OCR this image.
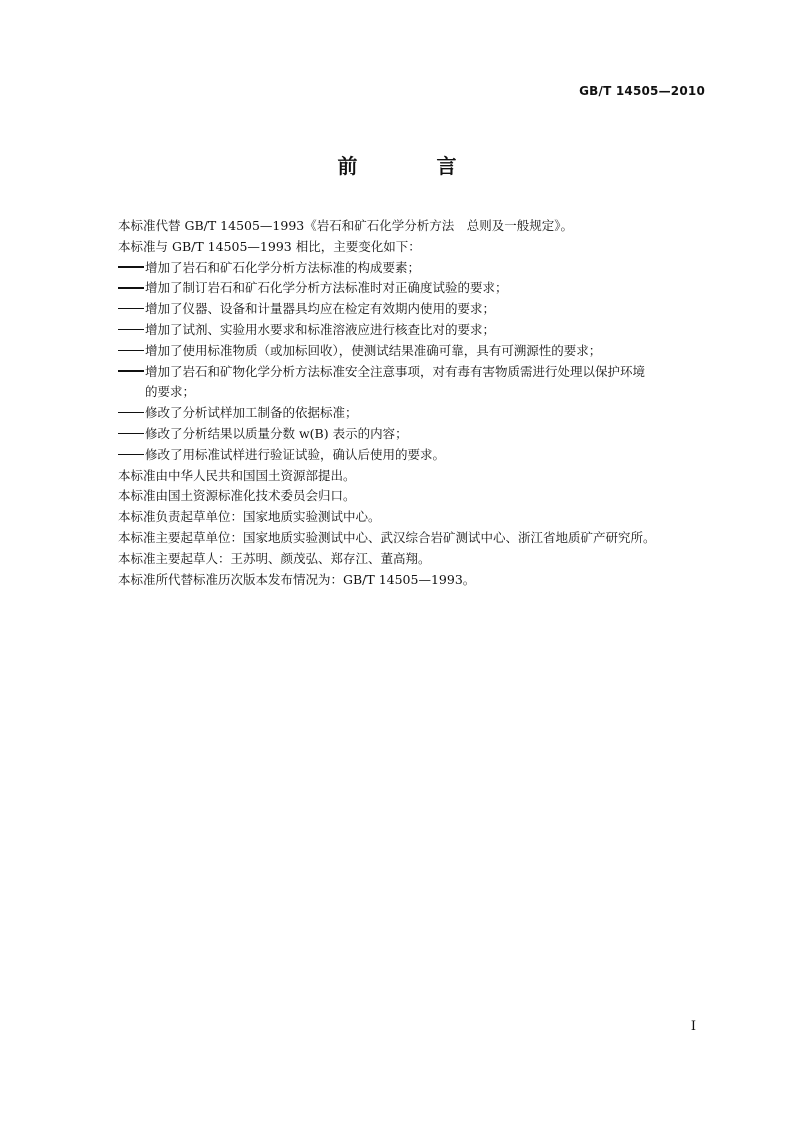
GB/T 14505—2010
前 言
本标准代替 GB/T 14505—1993《岩石和矿石化学分析方法　总则及一般规定》。
本标准与 GB/T 14505—1993 相比，主要变化如下：
增加了岩石和矿石化学分析方法标准的构成要素；
增加了制订岩石和矿石化学分析方法标准时对正确度试验的要求；
增加了仪器、设备和计量器具均应在检定有效期内使用的要求；
增加了试剂、实验用水要求和标准溶液应进行核查比对的要求；
增加了使用标准物质（或加标回收），使测试结果准确可靠，具有可溯源性的要求；
增加了岩石和矿物化学分析方法标准安全注意事项，对有毒有害物质需进行处理以保护环境
的要求；
修改了分析试样加工制备的依据标准；
修改了分析结果以质量分数 w(B) 表示的内容；
修改了用标准试样进行验证试验，确认后使用的要求。
本标准由中华人民共和国国土资源部提出。
本标准由国土资源标准化技术委员会归口。
本标准负责起草单位：国家地质实验测试中心。
本标准主要起草单位：国家地质实验测试中心、武汉综合岩矿测试中心、浙江省地质矿产研究所。
本标准主要起草人：王苏明、颜茂弘、郑存江、董高翔。
本标准所代替标准历次版本发布情况为：GB/T 14505—1993。
I
